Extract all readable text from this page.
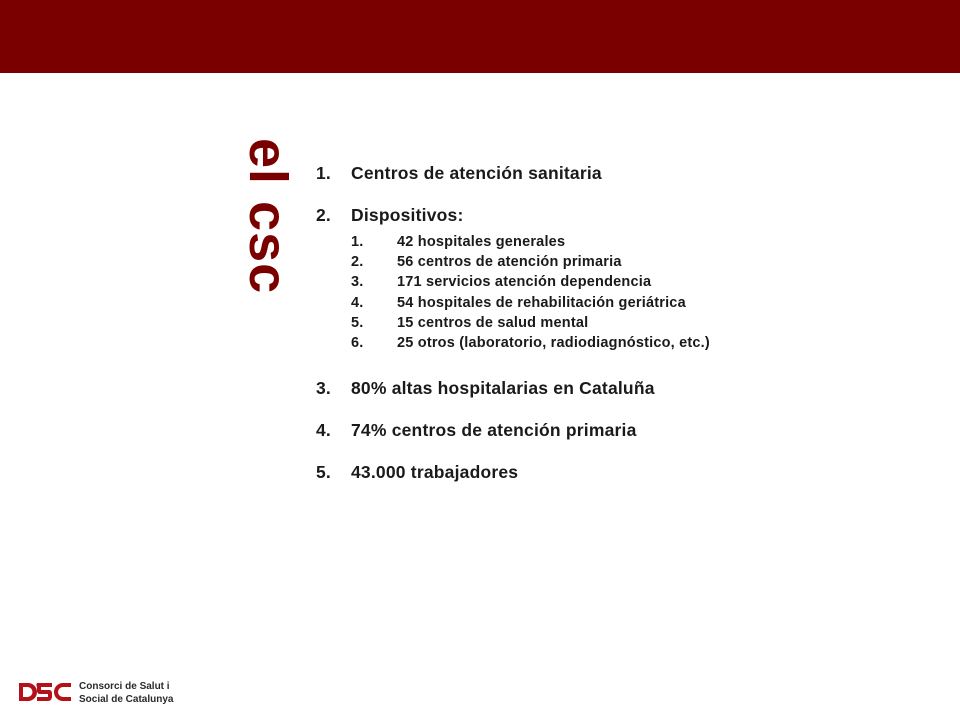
el csc 1. Centros de atención sanitaria
2. Dispositivos:
1. 42 hospitales generales
2. 56 centros de atención primaria
3. 171 servicios atención dependencia
4. 54 hospitales de rehabilitación geriátrica
5. 15 centros de salud mental
6. 25 otros (laboratorio, radiodiagnóstico, etc.)
3. 80% altas hospitalarias en Cataluña
4. 74% centros de atención primaria
5. 43.000 trabajadores
Consorci de Salut i
Social de Catalunya
